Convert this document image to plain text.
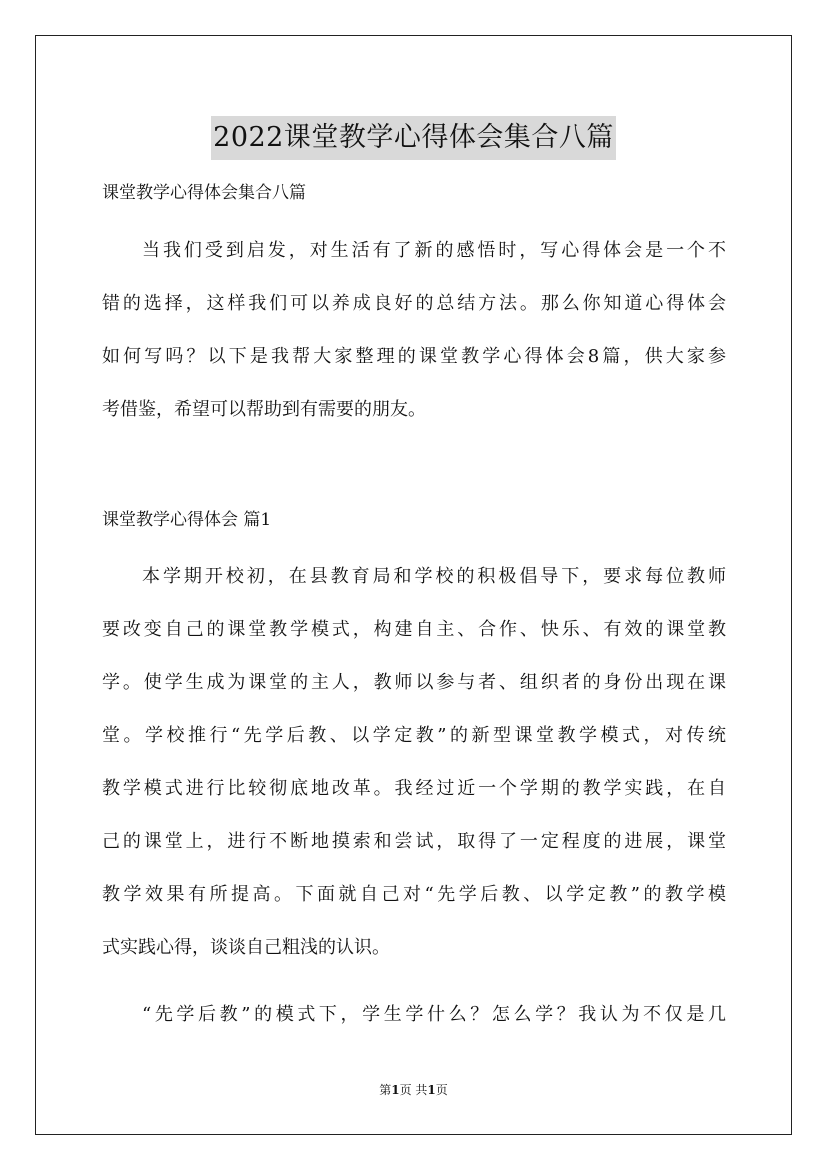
2022课堂教学心得体会集合八篇

课堂教学心得体会集合八篇

当我们受到启发，对生活有了新的感悟时，写心得体会是一个不
错的选择，这样我们可以养成良好的总结方法。那么你知道心得体会
如何写吗？以下是我帮大家整理的课堂教学心得体会8篇，供大家参
考借鉴，希望可以帮助到有需要的朋友。

课堂教学心得体会 篇1

本学期开校初，在县教育局和学校的积极倡导下，要求每位教师
要改变自己的课堂教学模式，构建自主、合作、快乐、有效的课堂教
学。使学生成为课堂的主人，教师以参与者、组织者的身份出现在课
堂。学校推行“先学后教、以学定教”的新型课堂教学模式，对传统
教学模式进行比较彻底地改革。我经过近一个学期的教学实践，在自
己的课堂上，进行不断地摸索和尝试，取得了一定程度的进展，课堂
教学效果有所提高。下面就自己对“先学后教、以学定教”的教学模
式实践心得，谈谈自己粗浅的认识。
“先学后教”的模式下，学生学什么？怎么学？我认为不仅是几
第1页 共1页
